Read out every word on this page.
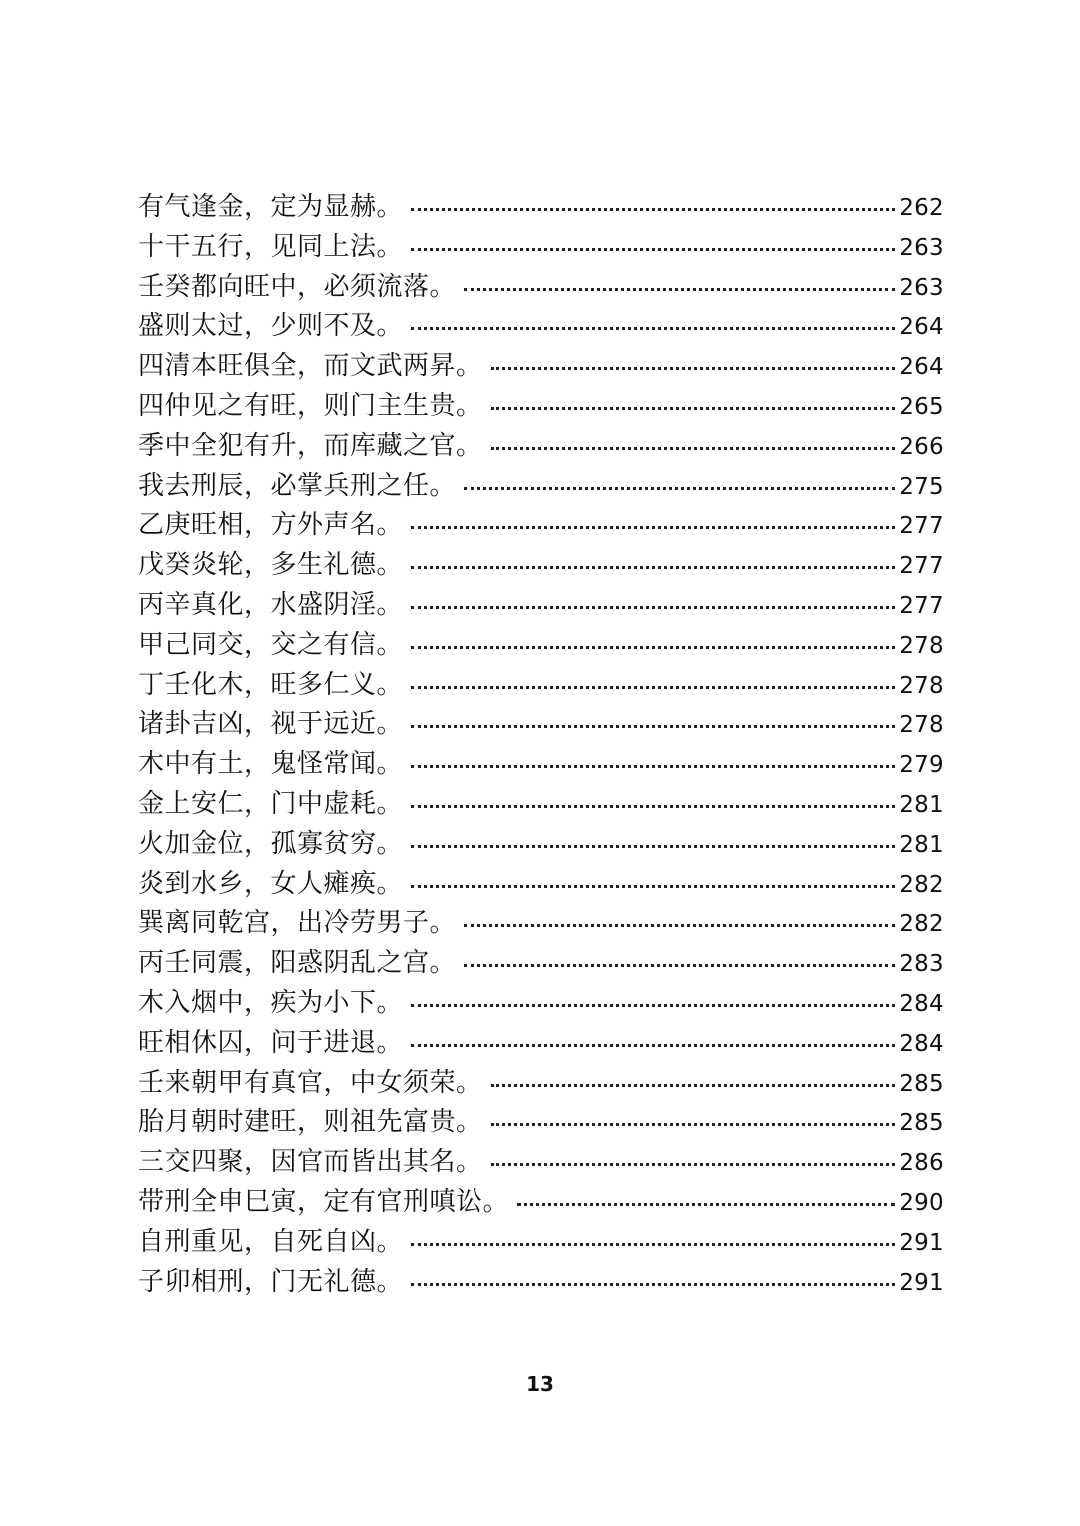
有气逢金，定为显赫。	262
十干五行，见同上法。	263
壬癸都向旺中，必须流落。	263
盛则太过，少则不及。	264
四清本旺俱全，而文武两昇。	264
四仲见之有旺，则门主生贵。	265
季中全犯有升，而库藏之官。	266
我去刑辰，必掌兵刑之任。	275
乙庚旺相，方外声名。	277
戊癸炎轮，多生礼德。	277
丙辛真化，水盛阴淫。	277
甲己同交，交之有信。	278
丁壬化木，旺多仁义。	278
诸卦吉凶，视于远近。	278
木中有土，鬼怪常闻。	279
金上安仁，门中虚耗。	281
火加金位，孤寡贫穷。	281
炎到水乡，女人瘫痪。	282
巽离同乾宫，出冷劳男子。	282
丙壬同震，阳惑阴乱之宫。	283
木入烟中，疾为小下。	284
旺相休囚，问于进退。	284
壬来朝甲有真官，中女须荣。	285
胎月朝时建旺，则祖先富贵。	285
三交四聚，因官而皆出其名。	286
带刑全申巳寅，定有官刑嗔讼。	290
自刑重见，自死自凶。	291
子卯相刑，门无礼德。	291
13
